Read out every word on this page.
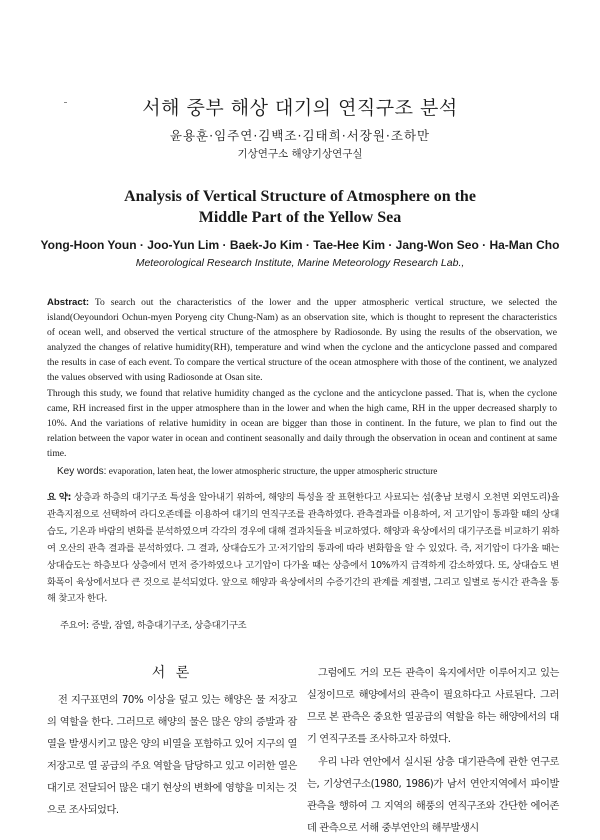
서해 중부 해상 대기의 연직구조 분석
윤용훈·임주연·김백조·김태희·서장원·조하만
기상연구소 해양기상연구실
Analysis of Vertical Structure of Atmosphere on the
Middle Part of the Yellow Sea
Yong-Hoon Youn · Joo-Yun Lim · Baek-Jo Kim · Tae-Hee Kim · Jang-Won Seo · Ha-Man Cho
Meteorological Research Institute, Marine Meteorology Research Lab.,

Abstract: To search out the characteristics of the lower and the upper atmospheric vertical structure, we selected the island(Oeyoundori Ochun-myen Poryeng city Chung-Nam) as an observation site, which is thought to represent the characteristics of ocean well, and observed the vertical structure of the atmosphere by Radiosonde. By using the results of the observation, we analyzed the changes of relative humidity(RH), temperature and wind when the cyclone and the anticyclone passed and compared the results in case of each event. To compare the vertical structure of the ocean atmosphere with those of the continent, we analyzed the values observed with using Radiosonde at Osan site.

Through this study, we found that relative humidity changed as the cyclone and the anticyclone passed. That is, when the cyclone came, RH increased first in the upper atmosphere than in the lower and when the high came, RH in the upper decreased sharply to 10%. And the variations of relative humidity in ocean are bigger than those in continent. In the future, we plan to find out the relation between the vapor water in ocean and continent seasonally and daily through the observation in ocean and continent at same time.

Key words: evaporation, laten heat, the lower atmospheric structure, the upper atmospheric structure

요 약: 상층과 하층의 대기구조 특성을 알아내기 위하여, 해양의 특성을 잘 표현한다고 사료되는 섬(충남 보령시 오천면 외연도리)을 관측지점으로 선택하여 라디오존데를 이용하여 대기의 연직구조를 관측하였다. 관측결과를 이용하여, 저 고기압이 통과할 때의 상대습도, 기온과 바람의 변화를 분석하였으며 각각의 경우에 대해 결과치들을 비교하였다. 해양과 육상에서의 대기구조를 비교하기 위하여 오산의 관측 결과를 분석하였다. 그 결과, 상대습도가 고·저기압의 통과에 따라 변화함을 알 수 있었다. 즉, 저기압이 다가올 때는 상대습도는 하층보다 상층에서 먼저 증가하였으나 고기압이 다가올 때는 상층에서 10%까지 급격하게 감소하였다. 또, 상대습도 변화폭이 육상에서보다 큰 것으로 분석되었다. 앞으로 해양과 육상에서의 수증기간의 관계를 계절별, 그리고 일별로 동시간 관측을 통해 찾고자 한다.

주요어: 증발, 잠열, 하층대기구조, 상층대기구조
서 론

전 지구표면의 70% 이상을 덮고 있는 해양은 물 저장고의 역할을 한다. 그러므로 해양의 물은 많은 양의 증발과 잠열을 발생시키고 많은 양의 비열을 포함하고 있어 지구의 열 저장고로 열 공급의 주요 역할을 담당하고 있고 이러한 열은 대기로 전달되어 많은 대기 현상의 변화에 영향을 미치는 것으로 조사되었다.

그럼에도 거의 모든 관측이 육지에서만 이루어지고 있는 실정이므로 해양에서의 관측이 필요하다고 사료된다. 그러므로 본 관측은 중요한 열공급의 역할을 하는 해양에서의 대기 연직구조를 조사하고자 하였다.

우리 나라 연안에서 실시된 상층 대기관측에 관한 연구로는, 기상연구소(1980, 1986)가 남서 연안지역에서 파이발 관측을 행하여 그 지역의 해풍의 연직구조와 간단한 에어존데 관측으로 서해 중부연안의 해무발생시
